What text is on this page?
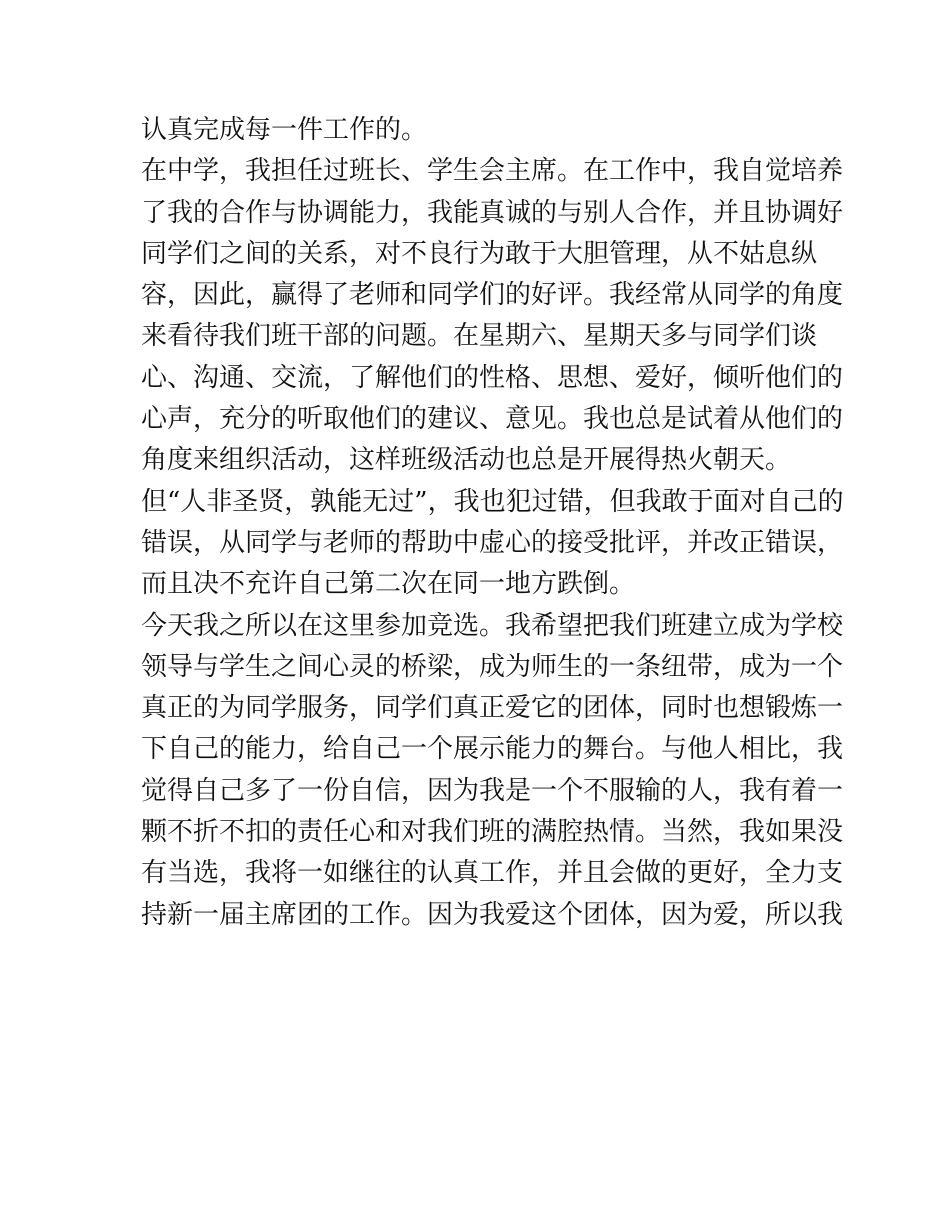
认真完成每一件工作的。
在中学，我担任过班长、学生会主席。在工作中，我自觉培养
了我的合作与协调能力，我能真诚的与别人合作，并且协调好
同学们之间的关系，对不良行为敢于大胆管理，从不姑息纵
容，因此，赢得了老师和同学们的好评。我经常从同学的角度
来看待我们班干部的问题。在星期六、星期天多与同学们谈
心、沟通、交流，了解他们的性格、思想、爱好，倾听他们的
心声，充分的听取他们的建议、意见。我也总是试着从他们的
角度来组织活动，这样班级活动也总是开展得热火朝天。
但“人非圣贤，孰能无过”，我也犯过错，但我敢于面对自己的
错误，从同学与老师的帮助中虚心的接受批评，并改正错误，
而且决不充许自己第二次在同一地方跌倒。
今天我之所以在这里参加竞选。我希望把我们班建立成为学校
领导与学生之间心灵的桥梁，成为师生的一条纽带，成为一个
真正的为同学服务，同学们真正爱它的团体，同时也想锻炼一
下自己的能力，给自己一个展示能力的舞台。与他人相比，我
觉得自己多了一份自信，因为我是一个不服输的人，我有着一
颗不折不扣的责任心和对我们班的满腔热情。当然，我如果没
有当选，我将一如继往的认真工作，并且会做的更好，全力支
持新一届主席团的工作。因为我爱这个团体，因为爱，所以我
